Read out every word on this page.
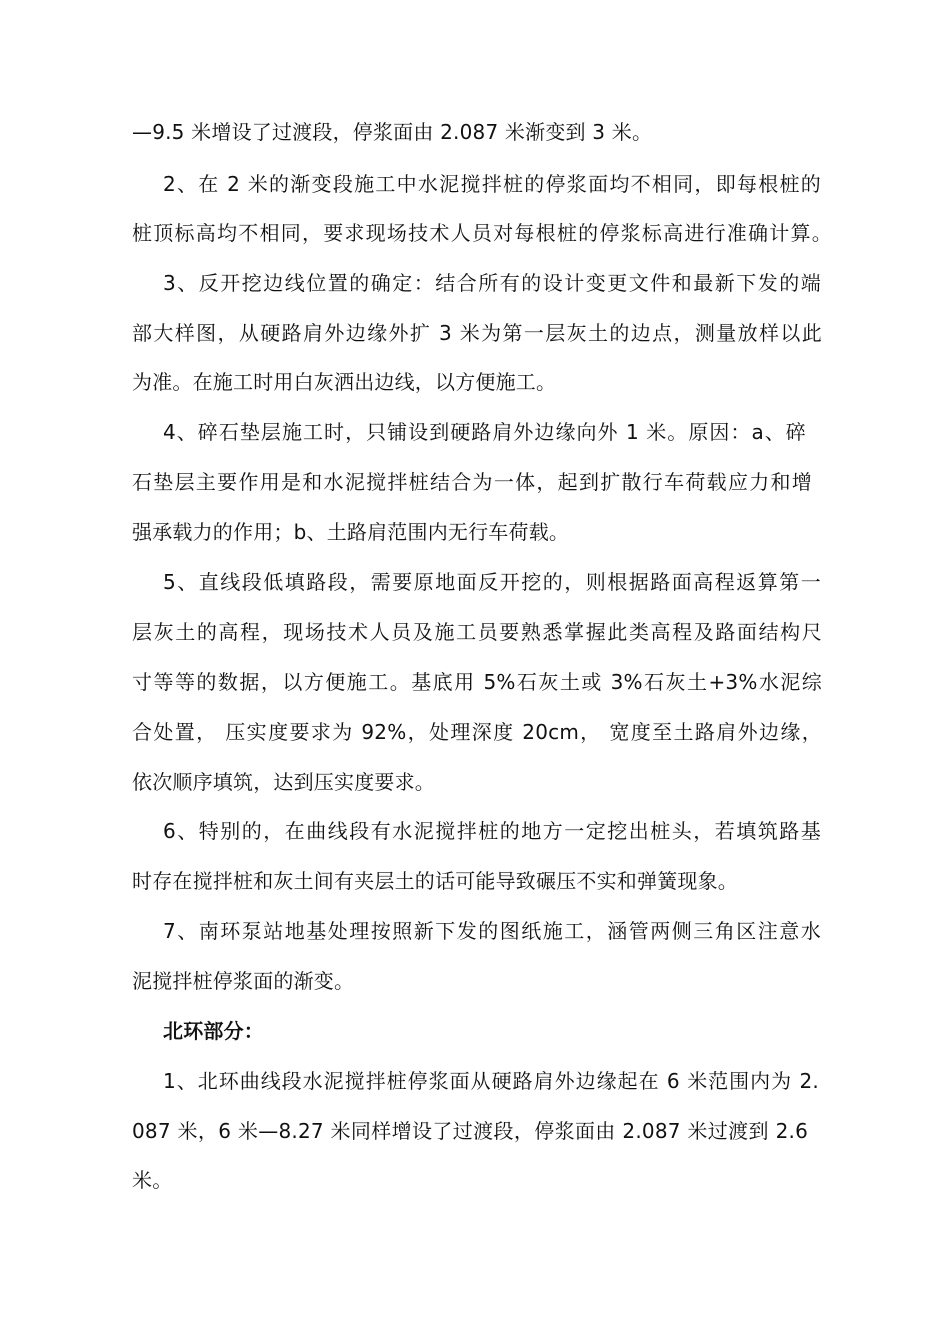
—9.5 米增设了过渡段，停浆面由 2.087 米渐变到 3 米。
2、在 2 米的渐变段施工中水泥搅拌桩的停浆面均不相同，即每根桩的
桩顶标高均不相同，要求现场技术人员对每根桩的停浆标高进行准确计算。
3、反开挖边线位置的确定：结合所有的设计变更文件和最新下发的端
部大样图，从硬路肩外边缘外扩 3 米为第一层灰土的边点，测量放样以此
为准。在施工时用白灰洒出边线，以方便施工。
4、碎石垫层施工时，只铺设到硬路肩外边缘向外 1 米。原因：a、碎
石垫层主要作用是和水泥搅拌桩结合为一体，起到扩散行车荷载应力和增
强承载力的作用；b、土路肩范围内无行车荷载。
5、直线段低填路段，需要原地面反开挖的，则根据路面高程返算第一
层灰土的高程，现场技术人员及施工员要熟悉掌握此类高程及路面结构尺
寸等等的数据，以方便施工。基底用 5%石灰土或 3%石灰土+3%水泥综
合处置， 压实度要求为 92%，处理深度 20cm， 宽度至土路肩外边缘，
依次顺序填筑，达到压实度要求。
6、特别的，在曲线段有水泥搅拌桩的地方一定挖出桩头，若填筑路基
时存在搅拌桩和灰土间有夹层土的话可能导致碾压不实和弹簧现象。
7、南环泵站地基处理按照新下发的图纸施工，涵管两侧三角区注意水
泥搅拌桩停浆面的渐变。
北环部分：
1、北环曲线段水泥搅拌桩停浆面从硬路肩外边缘起在 6 米范围内为 2.
087 米，6 米—8.27 米同样增设了过渡段，停浆面由 2.087 米过渡到 2.6
米。
